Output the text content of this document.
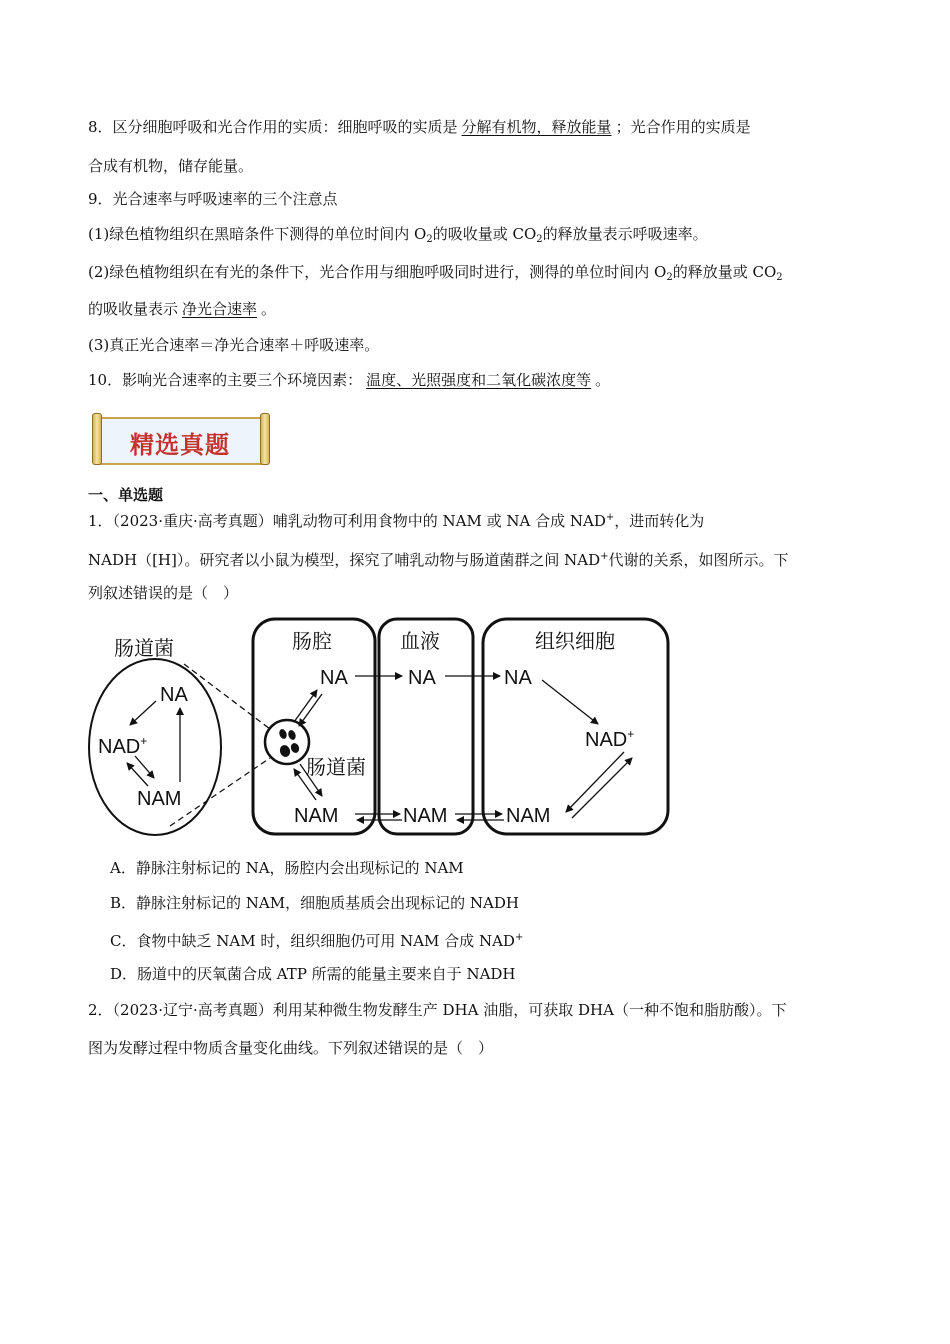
8．区分细胞呼吸和光合作用的实质：细胞呼吸的实质是 分解有机物，释放能量 ；光合作用的实质是
合成有机物，储存能量。
9．光合速率与呼吸速率的三个注意点
(1)绿色植物组织在黑暗条件下测得的单位时间内 $O_2$的吸收量或 $CO_2$的释放量表示呼吸速率。
(2)绿色植物组织在有光的条件下，光合作用与细胞呼吸同时进行，测得的单位时间内 $O_2$的释放量或 $CO_2$
的吸收量表示 净光合速率 。
(3)真正光合速率＝净光合速率＋呼吸速率。
10．影响光合速率的主要三个环境因素： 温度、光照强度和二氧化碳浓度等 。
精选真题
一、单选题
1．（2023·重庆·高考真题）哺乳动物可利用食物中的 NAM 或 NA 合成 NAD+，进而转化为
NADH（[H]）。研究者以小鼠为模型，探究了哺乳动物与肠道菌群之间 NAD+代谢的关系，如图所示。下
列叙述错误的是（　）
肠道菌	肠腔	血液	组织细胞
肠道菌
NA
NAD+
NAM
NA	NA	NA
NAD+
NAM	NAM	NAM
A．静脉注射标记的 NA，肠腔内会出现标记的 NAM
B．静脉注射标记的 NAM，细胞质基质会出现标记的 NADH
C．食物中缺乏 NAM 时，组织细胞仍可用 NAM 合成 NAD+
D．肠道中的厌氧菌合成 ATP 所需的能量主要来自于 NADH
2．（2023·辽宁·高考真题）利用某种微生物发酵生产 DHA 油脂，可获取 DHA（一种不饱和脂肪酸）。下
图为发酵过程中物质含量变化曲线。下列叙述错误的是（　）
